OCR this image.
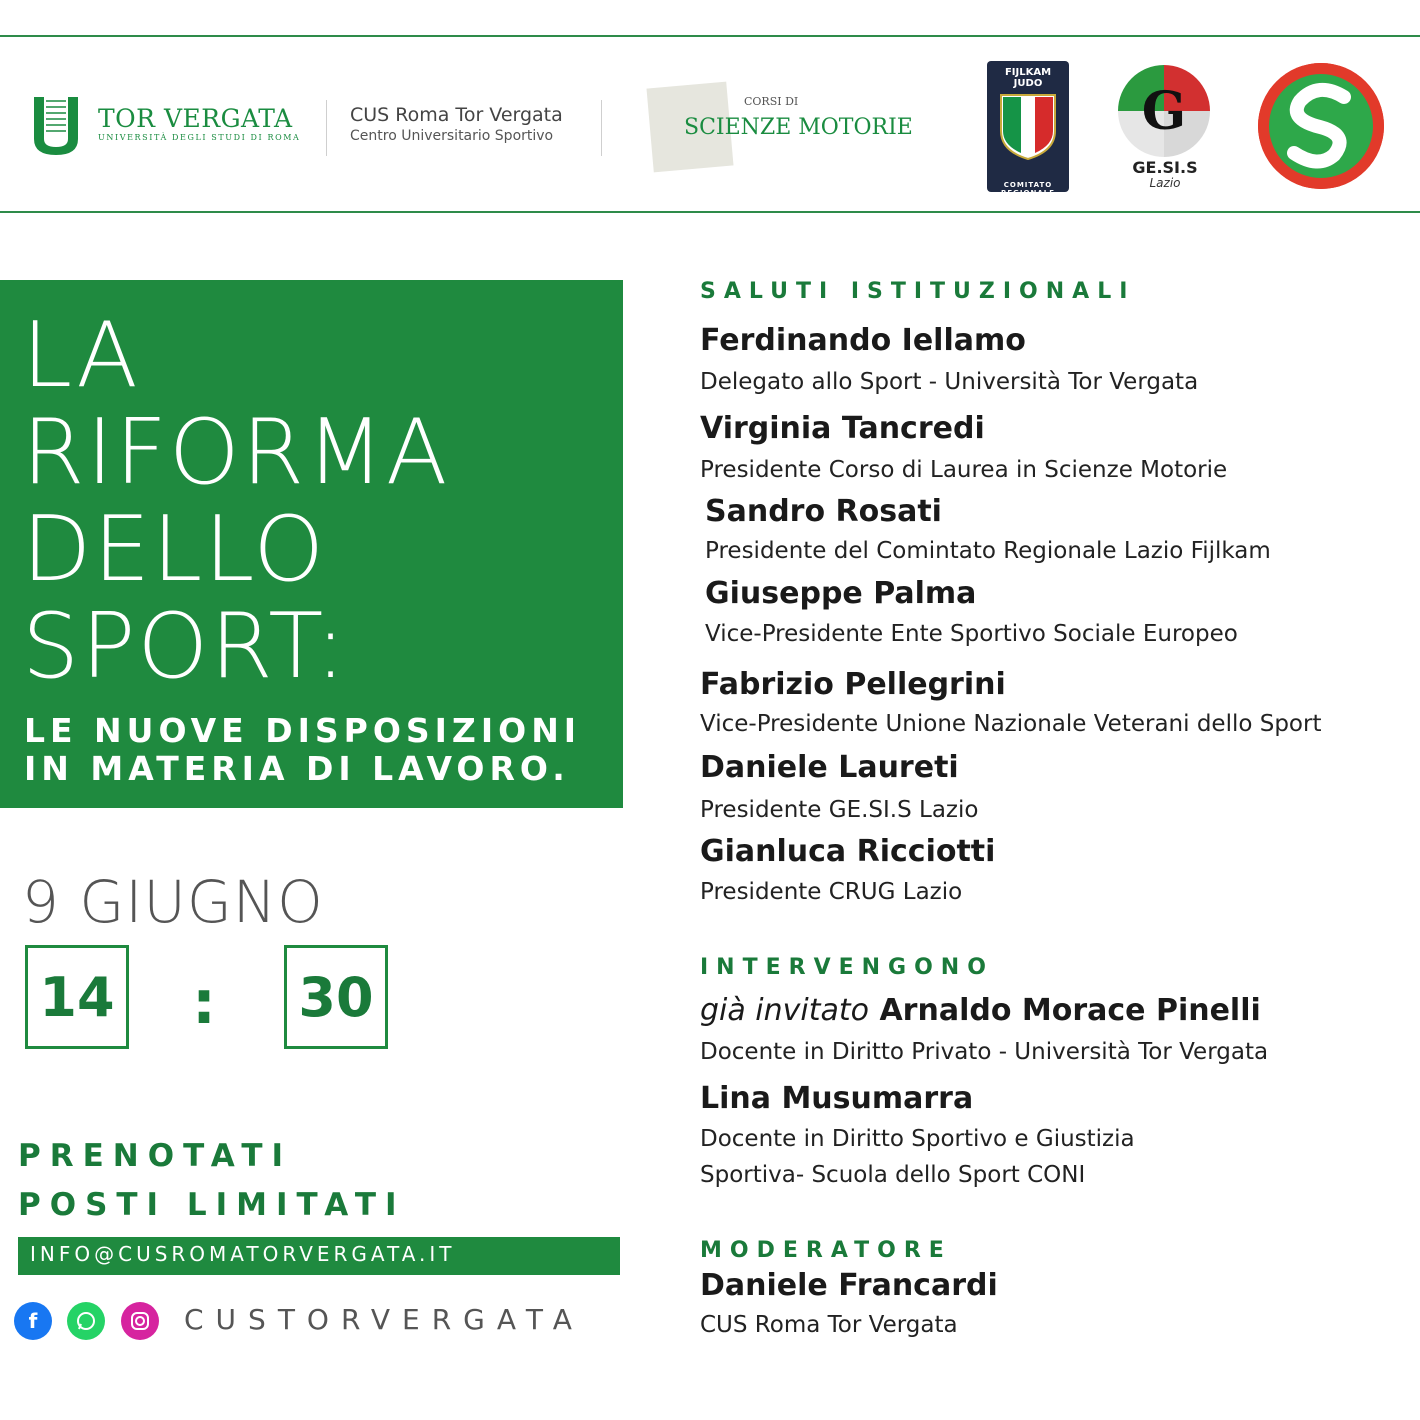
TOR VERGATA
UNIVERSITÀ DEGLI STUDI DI ROMA
CUS Roma Tor Vergata
Centro Universitario Sportivo
CORSI DI
SCIENZE MOTORIE
FIJLKAM
JUDO
COMITATO
REGIONALE
LAZIO
G
GE.SI.S
Lazio
LA
RIFORMA
DELLO
SPORT:
LE NUOVE DISPOSIZIONI
IN MATERIA DI LAVORO.
9 GIUGNO
14 : 30
PRENOTATI
POSTI LIMITATI
INFO@CUSROMATORVERGATA.IT
f	CUSTORVERGATA
SALUTI ISTITUZIONALI
Ferdinando Iellamo
Delegato allo Sport - Università Tor Vergata
Virginia Tancredi
Presidente Corso di Laurea in Scienze Motorie
Sandro Rosati
Presidente del Comintato Regionale Lazio Fijlkam
Giuseppe Palma
Vice-Presidente Ente Sportivo Sociale Europeo
Fabrizio Pellegrini
Vice-Presidente Unione Nazionale Veterani dello Sport
Daniele Laureti
Presidente GE.SI.S Lazio
Gianluca Ricciotti
Presidente CRUG Lazio
INTERVENGONO
già invitato Arnaldo Morace Pinelli
Docente in Diritto Privato - Università Tor Vergata
Lina Musumarra
Docente in Diritto Sportivo e Giustizia
Sportiva- Scuola dello Sport CONI
MODERATORE
Daniele Francardi
CUS Roma Tor Vergata
